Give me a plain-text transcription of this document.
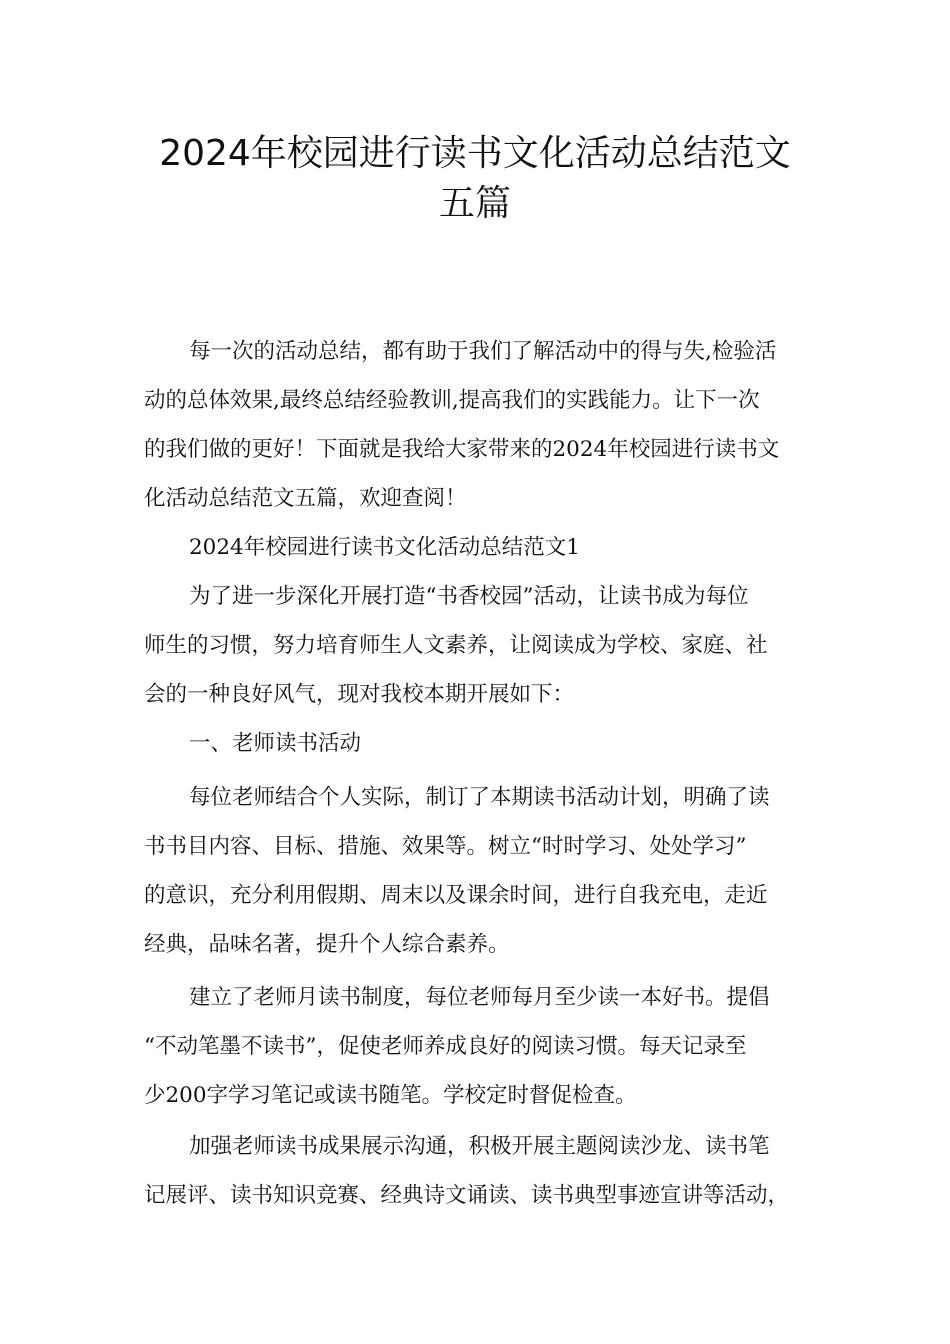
2024年校园进行读书文化活动总结范文
五篇
每一次的活动总结，都有助于我们了解活动中的得与失,检验活
动的总体效果,最终总结经验教训,提高我们的实践能力。让下一次
的我们做的更好！下面就是我给大家带来的2024年校园进行读书文
化活动总结范文五篇，欢迎查阅！
2024年校园进行读书文化活动总结范文1
为了进一步深化开展打造“书香校园”活动，让读书成为每位
师生的习惯，努力培育师生人文素养，让阅读成为学校、家庭、社
会的一种良好风气，现对我校本期开展如下：
一、老师读书活动
每位老师结合个人实际，制订了本期读书活动计划，明确了读
书书目内容、目标、措施、效果等。树立“时时学习、处处学习”
的意识，充分利用假期、周末以及课余时间，进行自我充电，走近
经典，品味名著，提升个人综合素养。
建立了老师月读书制度，每位老师每月至少读一本好书。提倡
“不动笔墨不读书”，促使老师养成良好的阅读习惯。每天记录至
少200字学习笔记或读书随笔。学校定时督促检查。
加强老师读书成果展示沟通，积极开展主题阅读沙龙、读书笔
记展评、读书知识竞赛、经典诗文诵读、读书典型事迹宣讲等活动，
